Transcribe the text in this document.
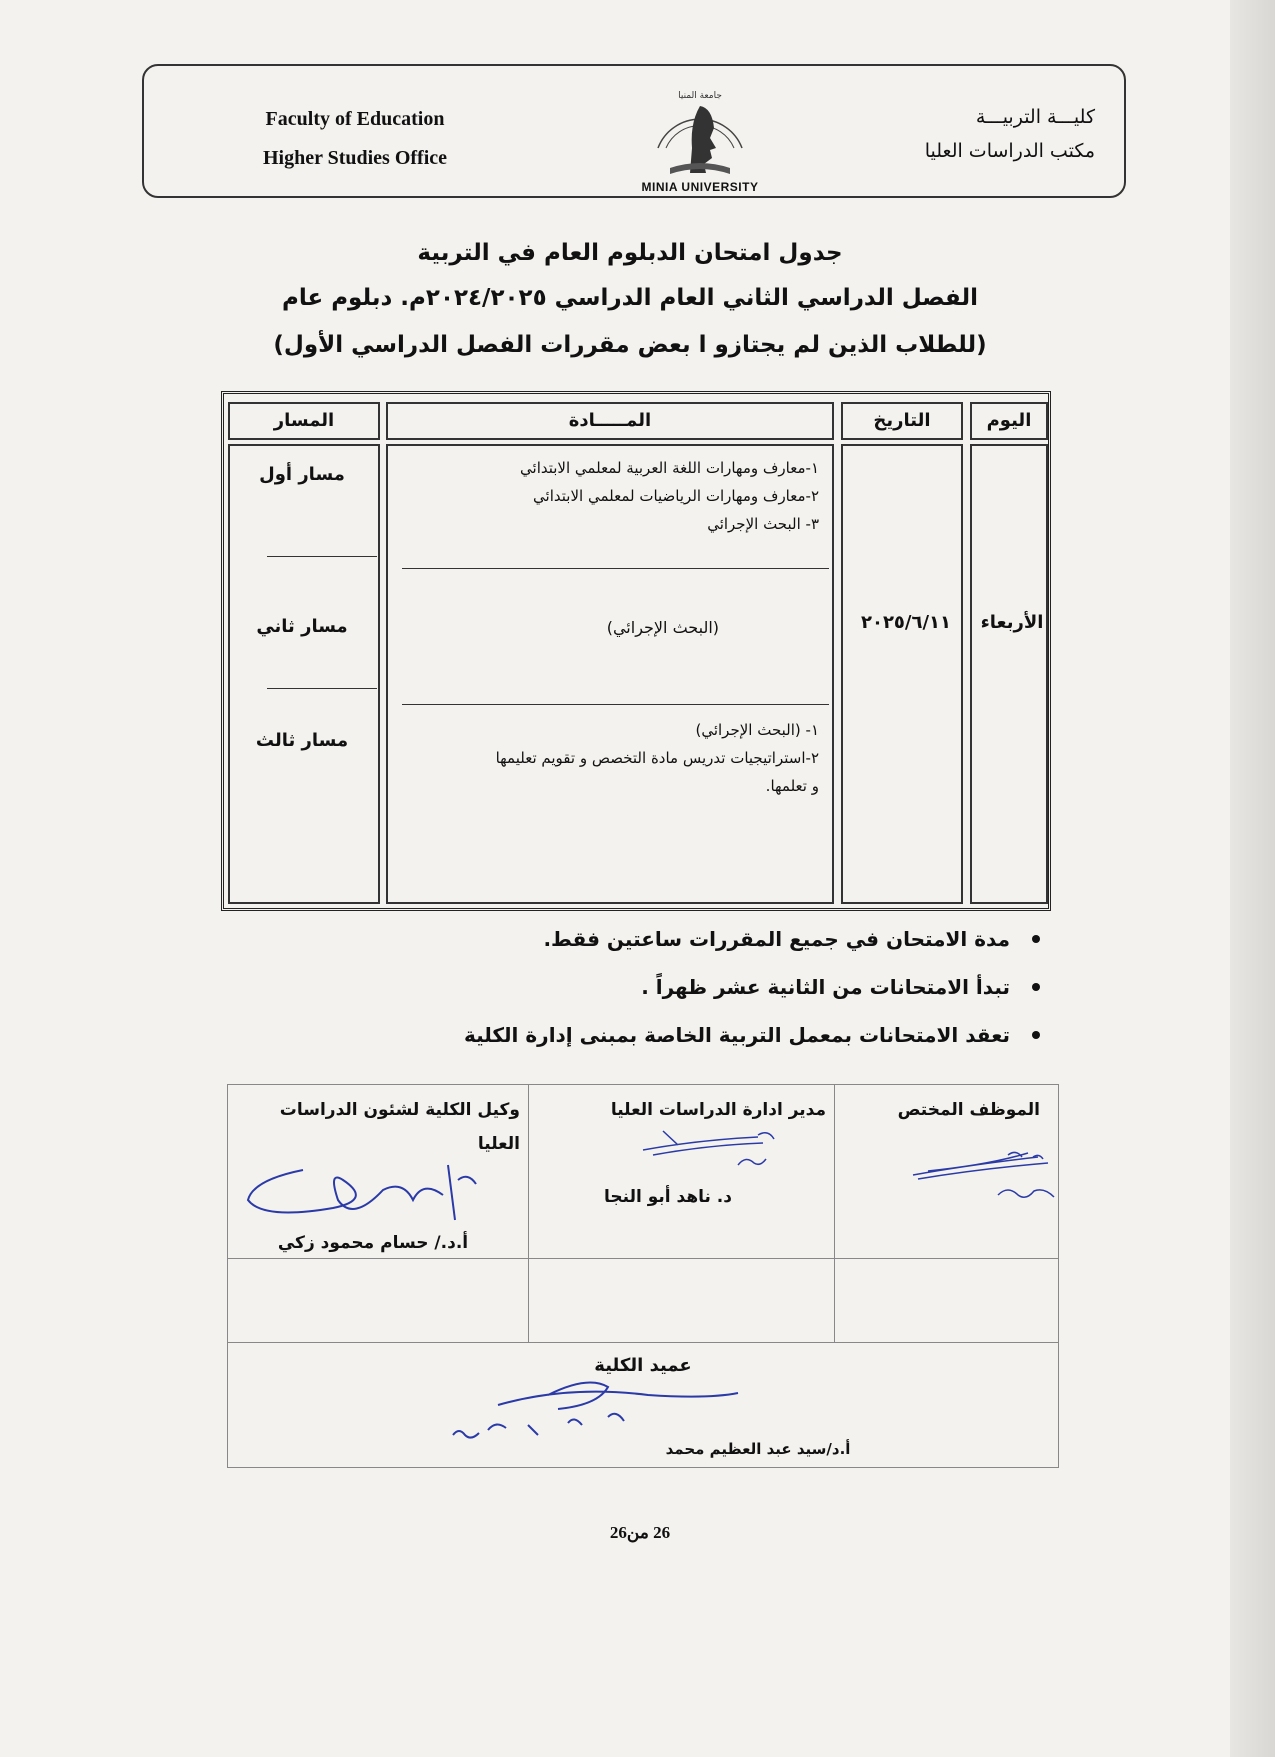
Faculty of Education
Higher Studies Office
كليـــة التربيـــة
مكتب الدراسات العليا
جامعة المنيا
MINIA UNIVERSITY
جدول امتحان الدبلوم العام في التربية
الفصل الدراسي الثاني العام الدراسي ٢٠٢٤/٢٠٢٥م. دبلوم عام
(للطلاب الذين لم يجتازو ا بعض مقررات الفصل الدراسي الأول)
اليوم
التاريخ
المـــــادة
المسار
الأربعاء
٢٠٢٥/٦/١١
١-معارف ومهارات اللغة العربية لمعلمي الابتدائي
٢-معارف ومهارات الرياضيات لمعلمي الابتدائي
٣- البحث الإجرائي
مسار أول
(البحث الإجرائي)
مسار ثاني
١- (البحث الإجرائي)
٢-استراتيجيات تدريس مادة التخصص و تقويم تعليمها
و تعلمها.
مسار ثالث
مدة الامتحان في جميع المقررات ساعتين فقط.
تبدأ الامتحانات من الثانية عشر ظهراً .
تعقد الامتحانات بمعمل التربية الخاصة بمبنى إدارة الكلية
الموظف المختص
مدير ادارة الدراسات العليا
د. ناهد أبو النجا
وكيل الكلية لشئون الدراسات العليا
أ.د./ حسام محمود زكي
عميد الكلية
أ.د/سيد عبد العظيم محمد
26 من26
